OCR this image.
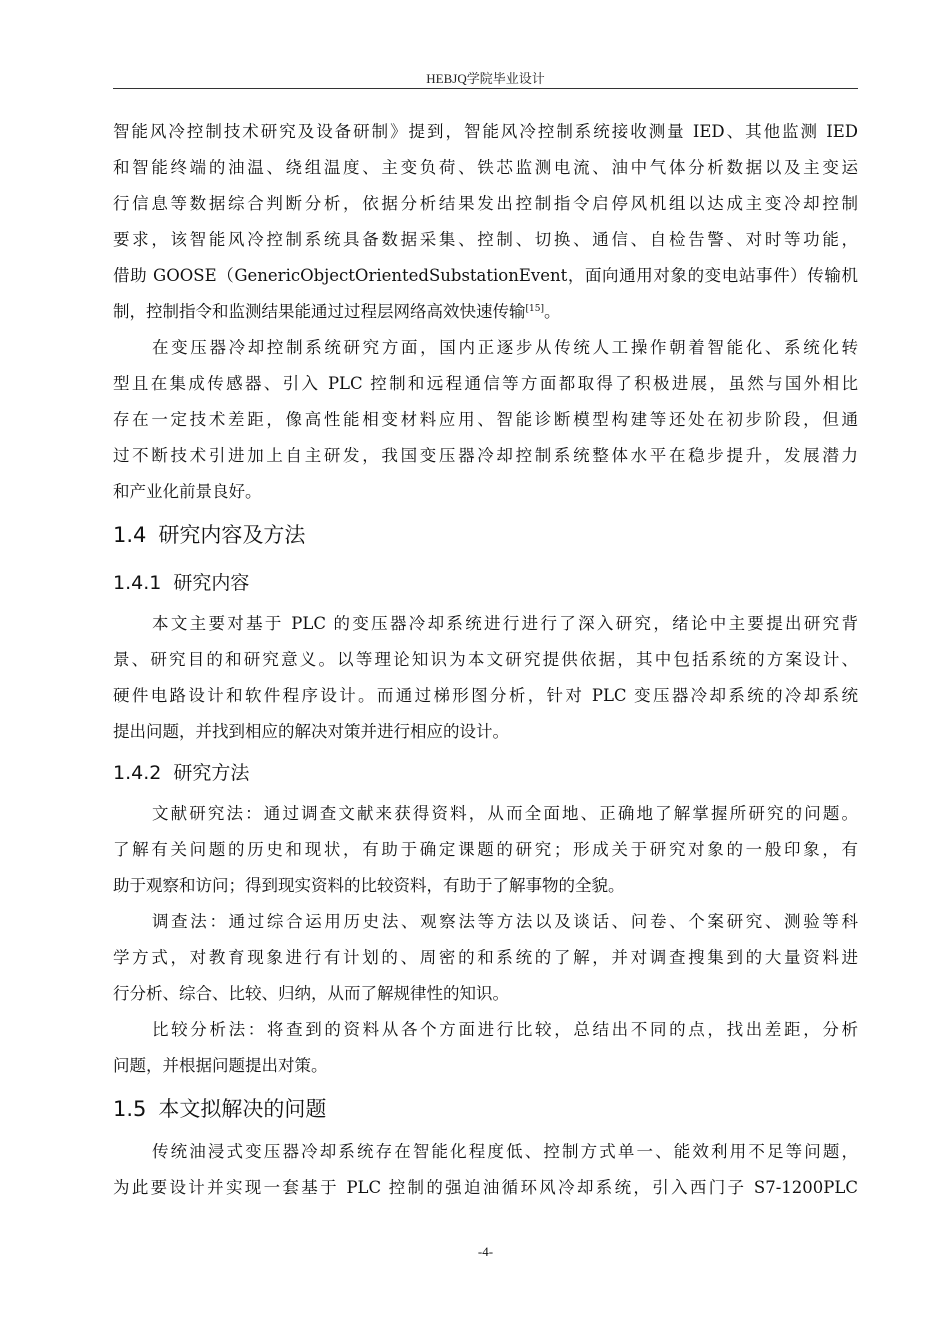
HEBJQ学院毕业设计
智能风冷控制技术研究及设备研制》提到，智能风冷控制系统接收测量 IED、其他监测 IED
和智能终端的油温、绕组温度、主变负荷、铁芯监测电流、油中气体分析数据以及主变运
行信息等数据综合判断分析，依据分析结果发出控制指令启停风机组以达成主变冷却控制
要求，该智能风冷控制系统具备数据采集、控制、切换、通信、自检告警、对时等功能，
借助 GOOSE（GenericObjectOrientedSubstationEvent，面向通用对象的变电站事件）传输机
制，控制指令和监测结果能通过过程层网络高效快速传输[15]。
在变压器冷却控制系统研究方面，国内正逐步从传统人工操作朝着智能化、系统化转
型且在集成传感器、引入 PLC 控制和远程通信等方面都取得了积极进展，虽然与国外相比
存在一定技术差距，像高性能相变材料应用、智能诊断模型构建等还处在初步阶段，但通
过不断技术引进加上自主研发，我国变压器冷却控制系统整体水平在稳步提升，发展潜力
和产业化前景良好。
1.4 研究内容及方法
1.4.1 研究内容
本文主要对基于 PLC 的变压器冷却系统进行进行了深入研究，绪论中主要提出研究背
景、研究目的和研究意义。以等理论知识为本文研究提供依据，其中包括系统的方案设计、
硬件电路设计和软件程序设计。而通过梯形图分析，针对 PLC 变压器冷却系统的冷却系统
提出问题，并找到相应的解决对策并进行相应的设计。
1.4.2 研究方法
文献研究法：通过调查文献来获得资料，从而全面地、正确地了解掌握所研究的问题。
了解有关问题的历史和现状，有助于确定课题的研究；形成关于研究对象的一般印象，有
助于观察和访问；得到现实资料的比较资料，有助于了解事物的全貌。
调查法：通过综合运用历史法、观察法等方法以及谈话、问卷、个案研究、测验等科
学方式，对教育现象进行有计划的、周密的和系统的了解，并对调查搜集到的大量资料进
行分析、综合、比较、归纳，从而了解规律性的知识。
比较分析法：将查到的资料从各个方面进行比较，总结出不同的点，找出差距，分析
问题，并根据问题提出对策。
1.5 本文拟解决的问题
传统油浸式变压器冷却系统存在智能化程度低、控制方式单一、能效利用不足等问题，
为此要设计并实现一套基于 PLC 控制的强迫油循环风冷却系统，引入西门子 S7-1200PLC
-4-
